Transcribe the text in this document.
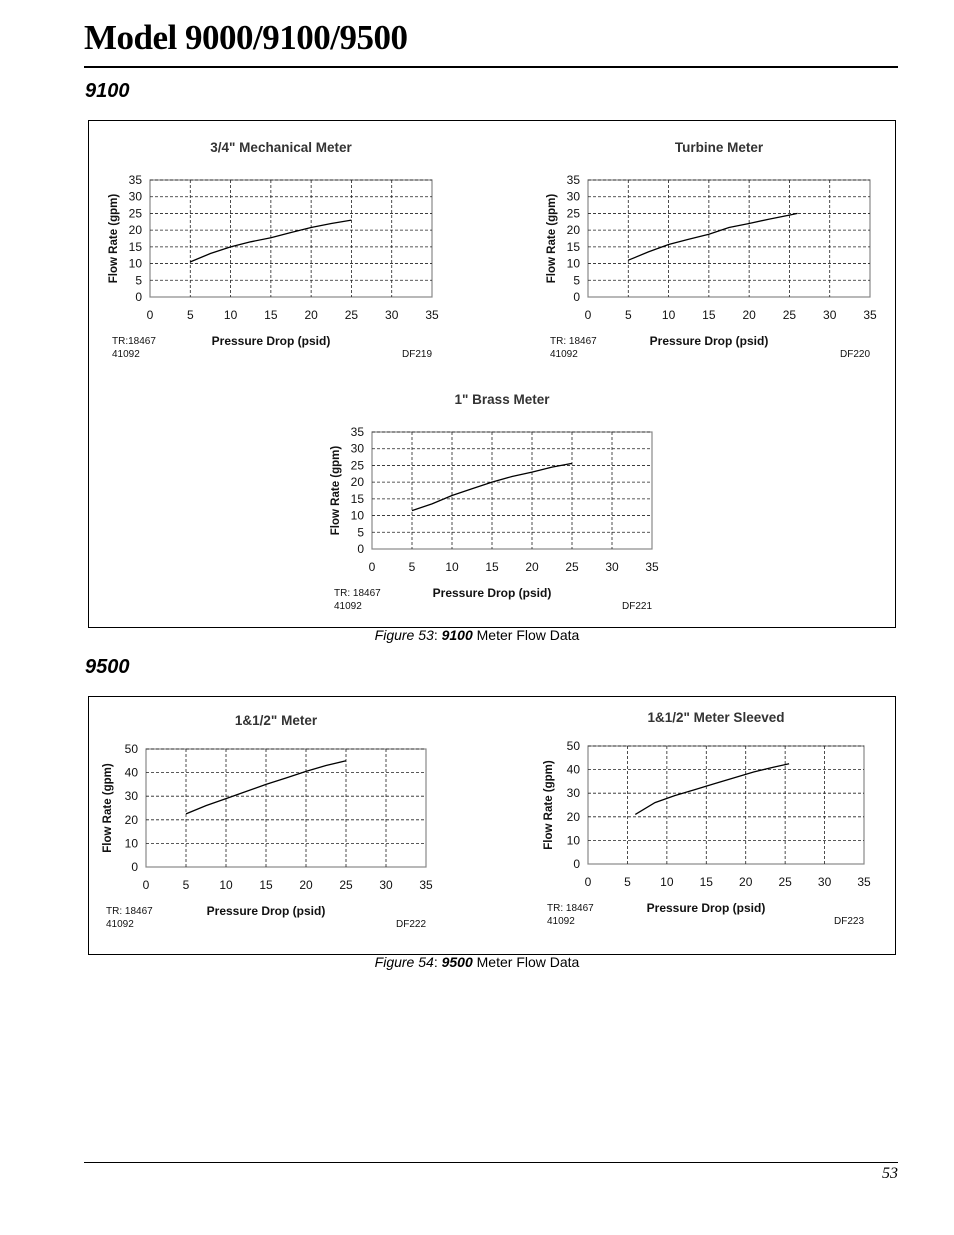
Model 9000/9100/9500
9100
Figure 53: 9100 Meter Flow Data
9500
Figure 54: 9500 Meter Flow Data
3/4" Mechanical Meter
0
5
10
15
20
25
30
35
0	5	10 15 20 25 30 35
Pressure Drop (psid)
Flow Rate (gpm)
TR:18467
41092	DF219
Turbine Meter
0
5
10
15
20
25
30
35
0	5	10 15 20 25 30 35
Pressure Drop (psid)
Flow Rate (gpm)
TR: 18467
41092	DF220
1" Brass Meter
0
5
10
15
20
25
30
35
0	5 10 15 20 25 30 35
Pressure Drop (psid)
Flow Rate (gpm)
TR: 18467
41092	DF221
1&1/2" Meter
0
10
20
30
40
50
0	5 10 15 20 25 30 35
Pressure Drop (psid)
Flow Rate (gpm)
TR: 18467
41092	DF222
1&1/2" Meter Sleeved
0
10
20
30
40
50
0	5 10 15 20 25 30 35
Pressure Drop (psid)
Flow Rate (gpm)
TR: 18467
41092	DF223
53
